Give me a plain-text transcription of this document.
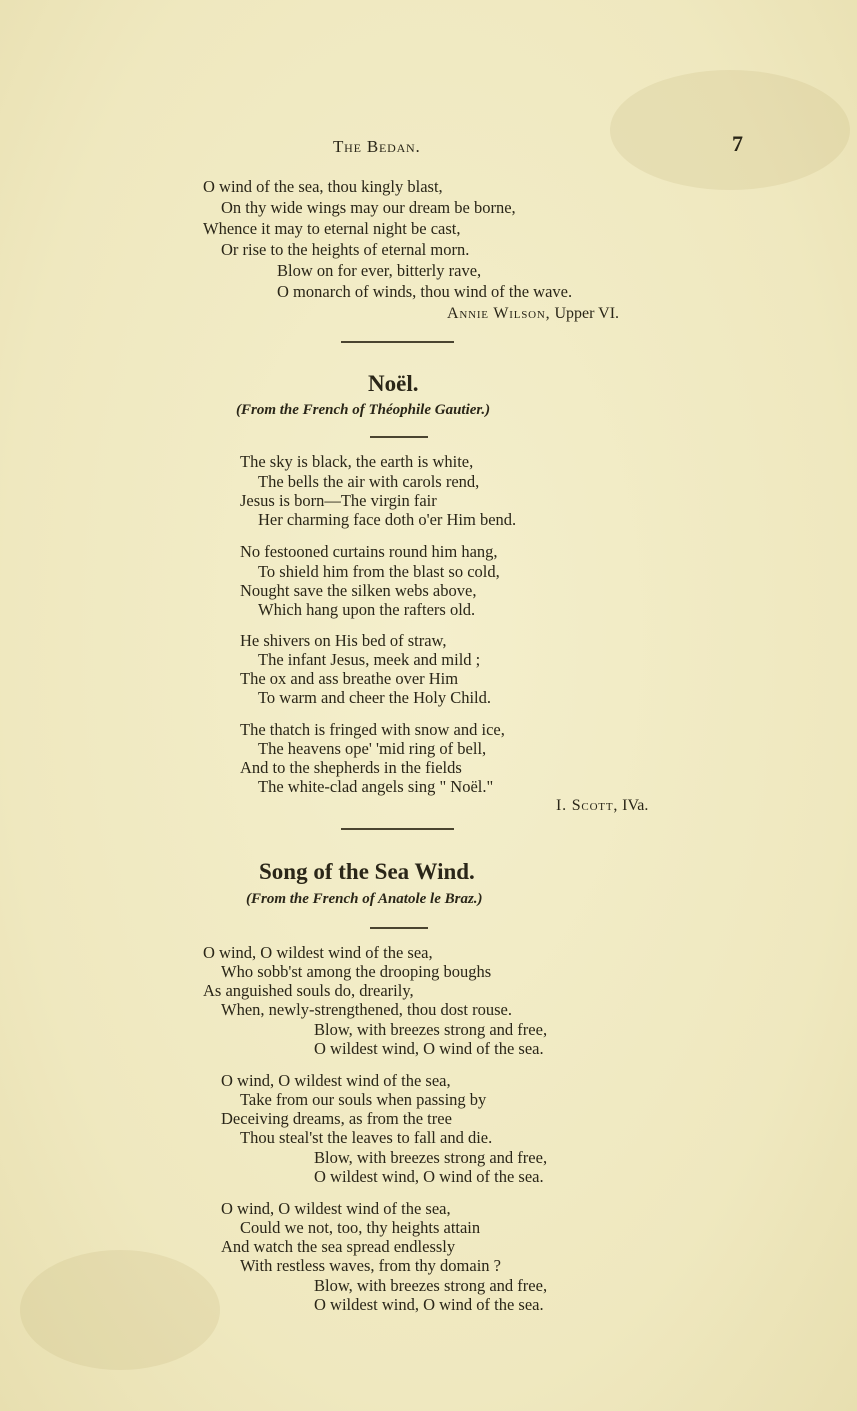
The Bedan.	7
O wind of the sea, thou kingly blast,
On thy wide wings may our dream be borne,
Whence it may to eternal night be cast,
Or rise to the heights of eternal morn.
Blow on for ever, bitterly rave,
O monarch of winds, thou wind of the wave.
Annie Wilson, Upper VI.
Noël.
(From the French of Théophile Gautier.)
The sky is black, the earth is white,
The bells the air with carols rend,
Jesus is born—The virgin fair
Her charming face doth o'er Him bend.
No festooned curtains round him hang,
To shield him from the blast so cold,
Nought save the silken webs above,
Which hang upon the rafters old.
He shivers on His bed of straw,
The infant Jesus, meek and mild ;
The ox and ass breathe over Him
To warm and cheer the Holy Child.
The thatch is fringed with snow and ice,
The heavens ope' 'mid ring of bell,
And to the shepherds in the fields
The white-clad angels sing " Noël."
I. Scott, IVa.
Song of the Sea Wind.
(From the French of Anatole le Braz.)
O wind, O wildest wind of the sea,
Who sobb'st among the drooping boughs
As anguished souls do, drearily,
When, newly-strengthened, thou dost rouse.
Blow, with breezes strong and free,
O wildest wind, O wind of the sea.
O wind, O wildest wind of the sea,
Take from our souls when passing by
Deceiving dreams, as from the tree
Thou steal'st the leaves to fall and die.
Blow, with breezes strong and free,
O wildest wind, O wind of the sea.
O wind, O wildest wind of the sea,
Could we not, too, thy heights attain
And watch the sea spread endlessly
With restless waves, from thy domain ?
Blow, with breezes strong and free,
O wildest wind, O wind of the sea.
